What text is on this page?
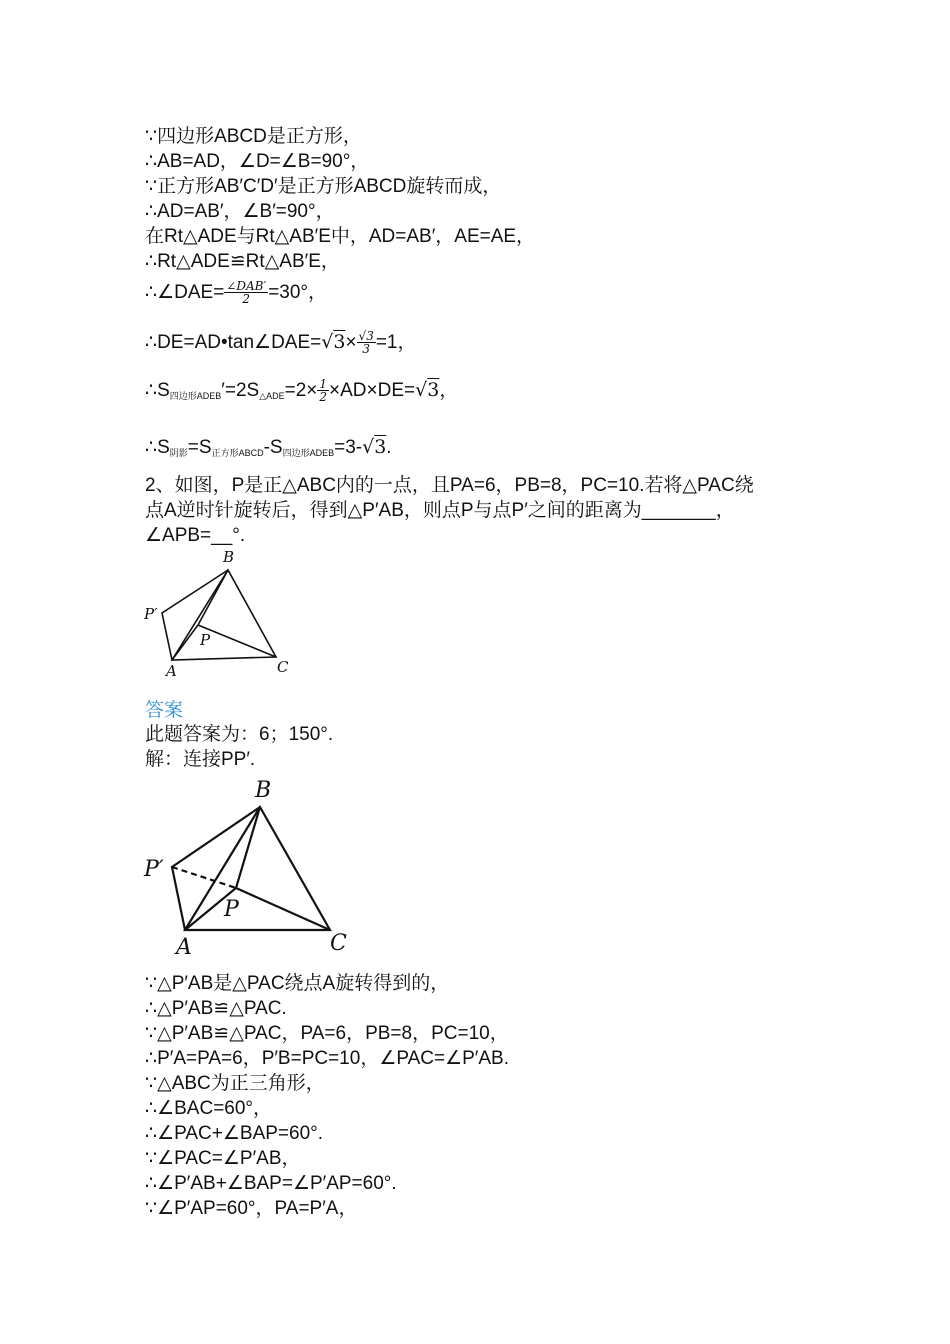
∵四边形ABCD是正方形，
∴AB=AD，∠D=∠B=90°，
∵正方形AB′C′D′是正方形ABCD旋转而成，
∴AD=AB′，∠B′=90°，
在Rt△ADE与Rt△AB′E中，AD=AB′，AE=AE，
∴Rt△ADE≌Rt△AB′E，
∴∠DAE= $\frac{\text{∠DAB′}}{2} =30^\circ$，
∴DE=AD•tan∠DAE=√3× $\frac{√3}{3} =1$，
∴S四边形ADEB′=2S△ADE=2× $\frac{1}{2} \times AD\times DE=√3$，
∴S阴影=S正方形ABCD-S四边形ADEB=3-√3.
2、如图，P是正△ABC内的一点，且PA=6，PB=8，PC=10.若将△PAC绕
点A逆时针旋转后，得到△P′AB，则点P与点P′之间的距离为_______，
∠APB=__°.
A
B
C
P
P′
答案
此题答案为：6；150°.
解：连接PP′.
A
B
C
P
P′
∵△P′AB是△PAC绕点A旋转得到的，
∴△P′AB≌△PAC.
∵△P′AB≌△PAC，PA=6，PB=8，PC=10，
∴P′A=PA=6，P′B=PC=10，∠PAC=∠P′AB.
∵△ABC为正三角形，
∴∠BAC=60°，
∴∠PAC+∠BAP=60°.
∵∠PAC=∠P′AB，
∴∠P′AB+∠BAP=∠P′AP=60°.
∵∠P′AP=60°，PA=P′A，
